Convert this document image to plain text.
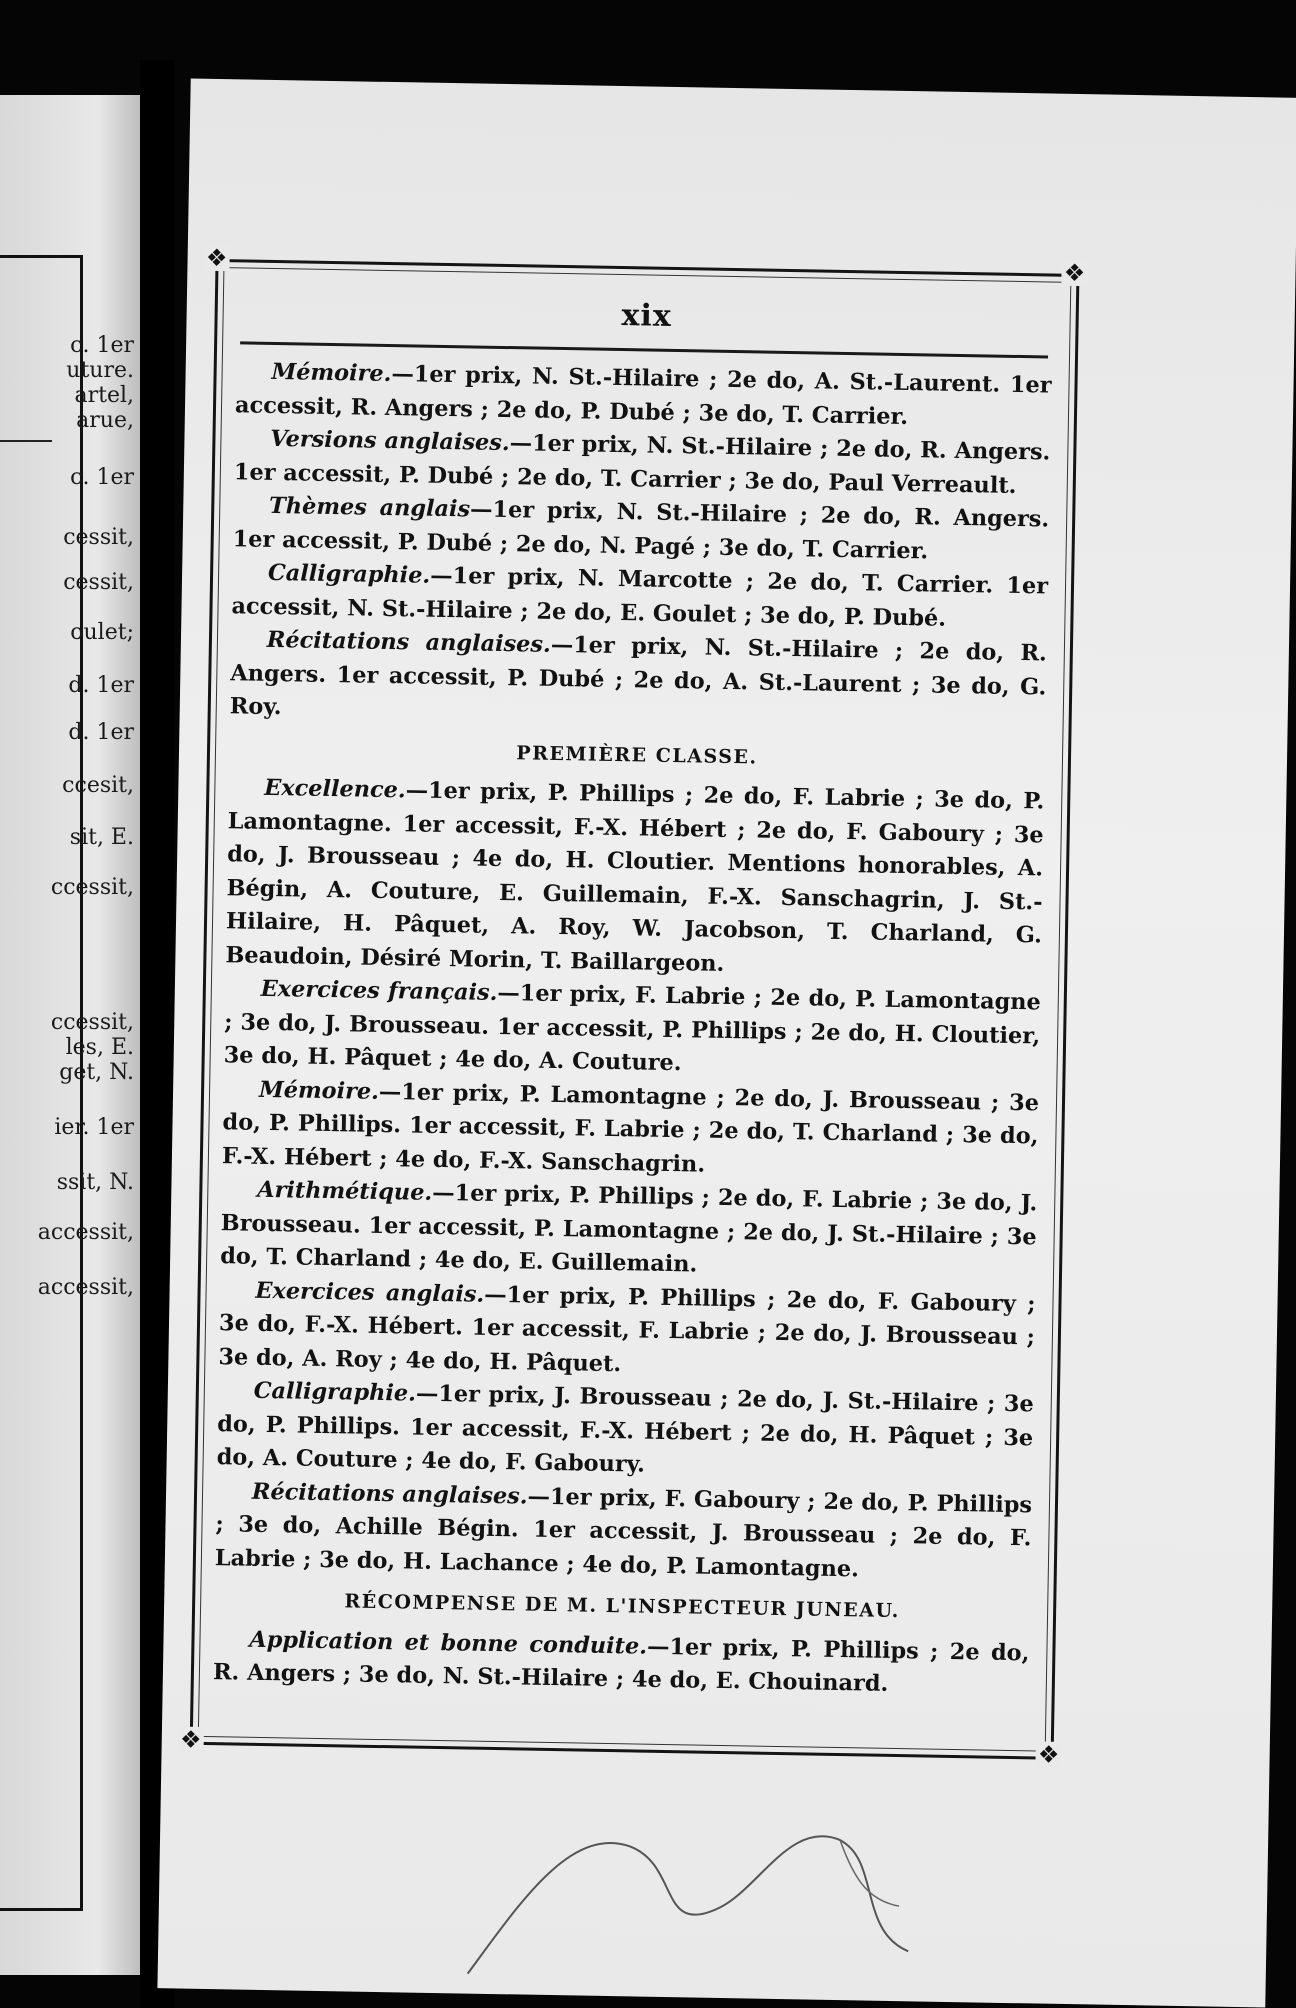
c. 1er
uture.
artel,
arue,
c. 1er
cessit,
cessit,
oulet;
d. 1er
d. 1er
ccesit,
sit, E.
ccessit,
ccessit,
les, E.
get, N.
ier. 1er
ssit, N.
accessit,
accessit,
❖
❖
❖
❖
xix

Mémoire.—1er prix, N. St.-Hilaire ; 2e do, A. St.-Laurent. 1er accessit, R. Angers ; 2e do, P. Dubé ; 3e do, T. Carrier.

Versions anglaises.—1er prix, N. St.-Hilaire ; 2e do, R. Angers. 1er accessit, P. Dubé ; 2e do, T. Carrier ; 3e do, Paul Verreault.

Thèmes anglais—1er prix, N. St.-Hilaire ; 2e do, R. Angers. 1er accessit, P. Dubé ; 2e do, N. Pagé ; 3e do, T. Carrier.

Calligraphie.—1er prix, N. Marcotte ; 2e do, T. Carrier. 1er accessit, N. St.-Hilaire ; 2e do, E. Goulet ; 3e do, P. Dubé.

Récitations anglaises.—1er prix, N. St.-Hilaire ; 2e do, R. Angers. 1er accessit, P. Dubé ; 2e do, A. St.-Laurent ; 3e do, G. Roy.

PREMIÈRE CLASSE.

Excellence.—1er prix, P. Phillips ; 2e do, F. Labrie ; 3e do, P. Lamontagne. 1er accessit, F.-X. Hébert ; 2e do, F. Gaboury ; 3e do, J. Brousseau ; 4e do, H. Cloutier. Mentions honorables, A. Bégin, A. Couture, E. Guillemain, F.-X. Sanschagrin, J. St.-Hilaire, H. Pâquet, A. Roy, W. Jacobson, T. Charland, G. Beaudoin, Désiré Morin, T. Baillargeon.

Exercices français.—1er prix, F. Labrie ; 2e do, P. Lamontagne ; 3e do, J. Brousseau. 1er accessit, P. Phillips ; 2e do, H. Cloutier, 3e do, H. Pâquet ; 4e do, A. Couture.

Mémoire.—1er prix, P. Lamontagne ; 2e do, J. Brousseau ; 3e do, P. Phillips. 1er accessit, F. Labrie ; 2e do, T. Charland ; 3e do, F.-X. Hébert ; 4e do, F.-X. Sanschagrin.

Arithmétique.—1er prix, P. Phillips ; 2e do, F. Labrie ; 3e do, J. Brousseau. 1er accessit, P. Lamontagne ; 2e do, J. St.-Hilaire ; 3e do, T. Charland ; 4e do, E. Guillemain.

Exercices anglais.—1er prix, P. Phillips ; 2e do, F. Gaboury ; 3e do, F.-X. Hébert. 1er accessit, F. Labrie ; 2e do, J. Brousseau ; 3e do, A. Roy ; 4e do, H. Pâquet.

Calligraphie.—1er prix, J. Brousseau ; 2e do, J. St.-Hilaire ; 3e do, P. Phillips. 1er accessit, F.-X. Hébert ; 2e do, H. Pâquet ; 3e do, A. Couture ; 4e do, F. Gaboury.

Récitations anglaises.—1er prix, F. Gaboury ; 2e do, P. Phillips ; 3e do, Achille Bégin. 1er accessit, J. Brousseau ; 2e do, F. Labrie ; 3e do, H. Lachance ; 4e do, P. Lamontagne.

RÉCOMPENSE DE M. L'INSPECTEUR JUNEAU.

Application et bonne conduite.—1er prix, P. Phillips ; 2e do, R. Angers ; 3e do, N. St.-Hilaire ; 4e do, E. Chouinard.
